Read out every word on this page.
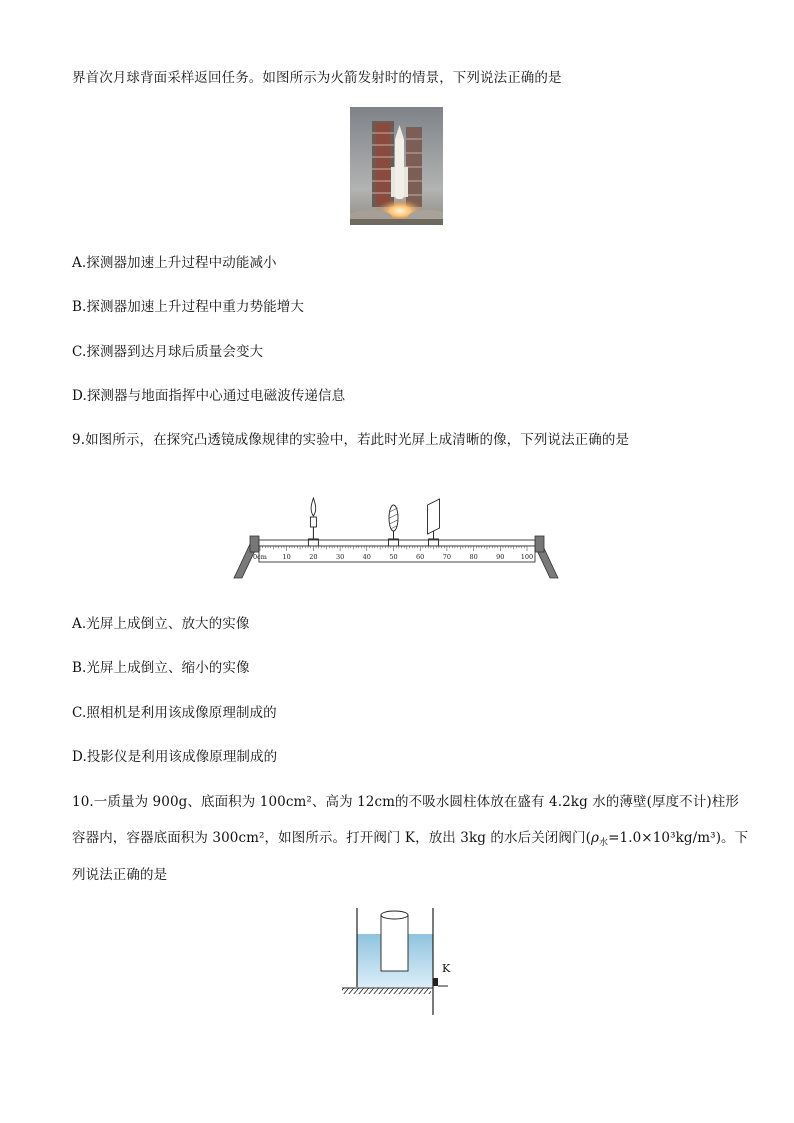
界首次月球背面采样返回任务。如图所示为火箭发射时的情景，下列说法正确的是
A.探测器加速上升过程中动能减小
B.探测器加速上升过程中重力势能增大
C.探测器到达月球后质量会变大
D.探测器与地面指挥中心通过电磁波传递信息
9.如图所示，在探究凸透镜成像规律的实验中，若此时光屏上成清晰的像，下列说法正确的是
0cm 10	20	30	40	50	60	70	80	90	100
A.光屏上成倒立、放大的实像
B.光屏上成倒立、缩小的实像
C.照相机是利用该成像原理制成的
D.投影仪是利用该成像原理制成的
10.一质量为 900g、底面积为 100cm²、高为 12cm的不吸水圆柱体放在盛有 4.2kg 水的薄壁(厚度不计)柱形
容器内，容器底面积为 300cm²，如图所示。打开阀门 K，放出 3kg 的水后关闭阀门$(\rho_水=1.0\times 10^3kg/m^3)$。下
列说法正确的是
K
